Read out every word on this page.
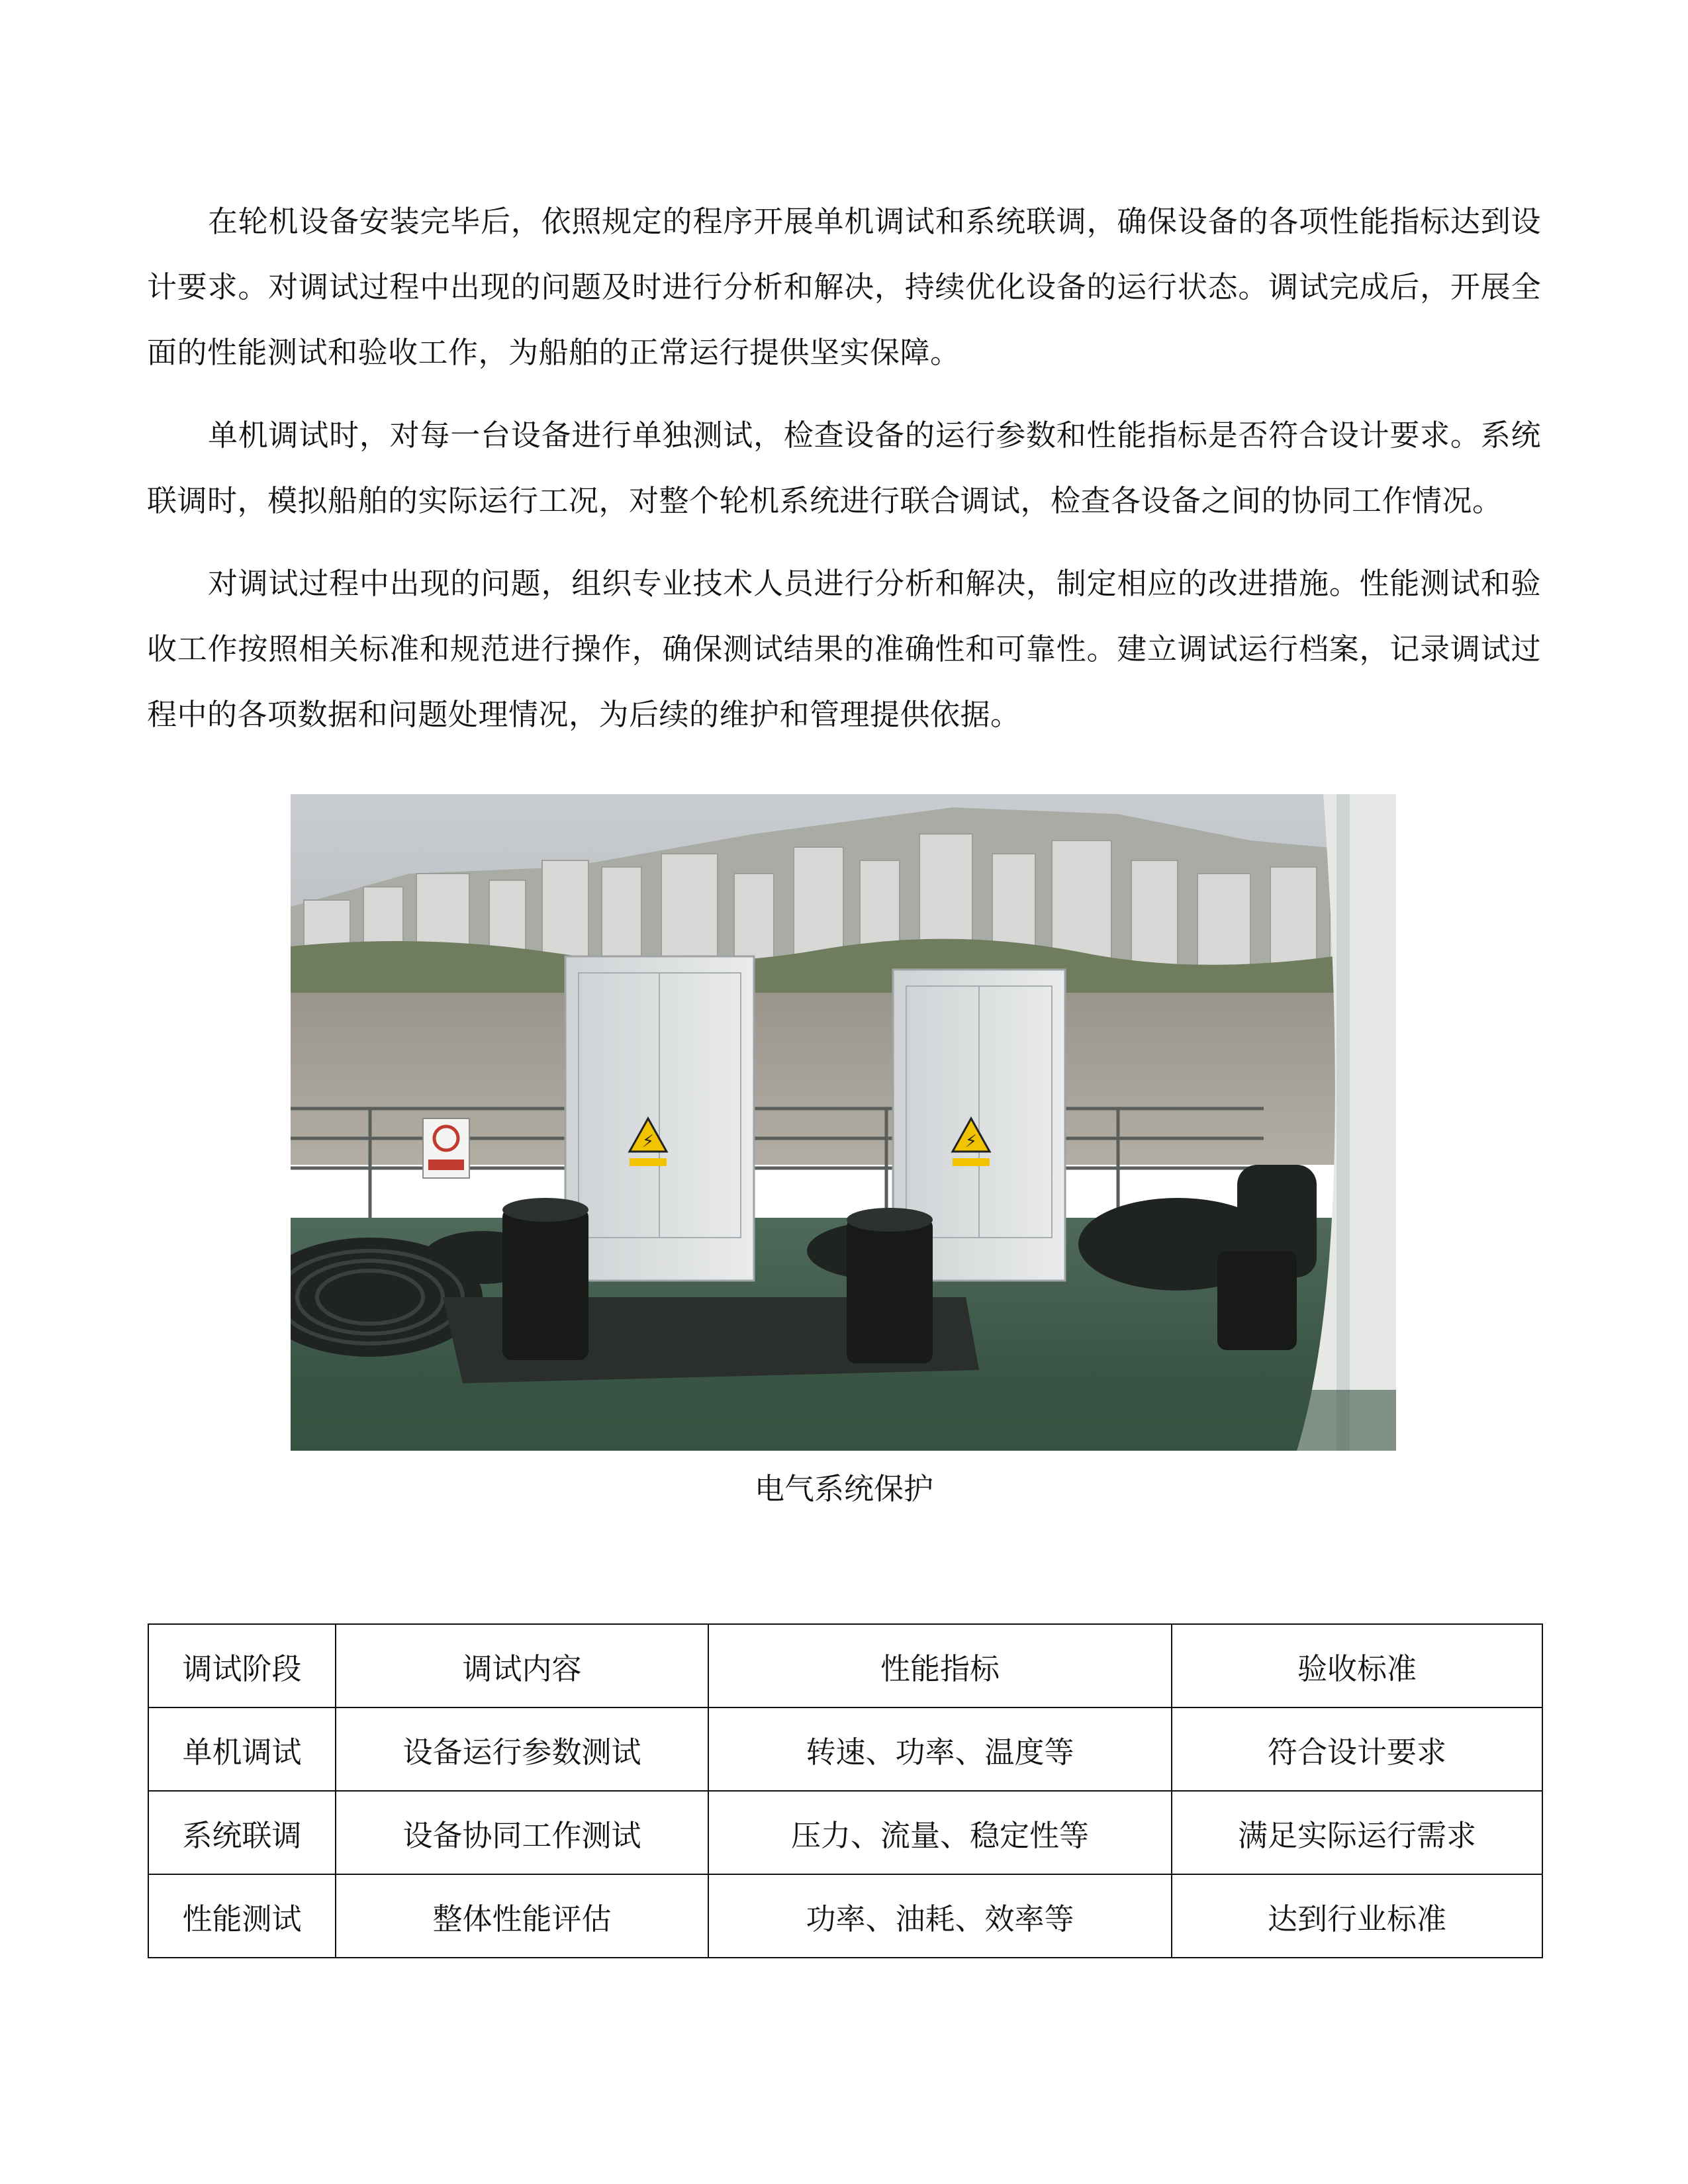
在轮机设备安装完毕后，依照规定的程序开展单机调试和系统联调，确保设备的各项性能指标达到设计要求。对调试过程中出现的问题及时进行分析和解决，持续优化设备的运行状态。调试完成后，开展全面的性能测试和验收工作，为船舶的正常运行提供坚实保障。

单机调试时，对每一台设备进行单独测试，检查设备的运行参数和性能指标是否符合设计要求。系统联调时，模拟船舶的实际运行工况，对整个轮机系统进行联合调试，检查各设备之间的协同工作情况。

对调试过程中出现的问题，组织专业技术人员进行分析和解决，制定相应的改进措施。性能测试和验收工作按照相关标准和规范进行操作，确保测试结果的准确性和可靠性。建立调试运行档案，记录调试过程中的各项数据和问题处理情况，为后续的维护和管理提供依据。

⚡	⚡
电气系统保护
调试阶段	调试内容	性能指标	验收标准
单机调试	设备运行参数测试	转速、功率、温度等	符合设计要求
系统联调	设备协同工作测试	压力、流量、稳定性等	满足实际运行需求
性能测试	整体性能评估	功率、油耗、效率等	达到行业标准
